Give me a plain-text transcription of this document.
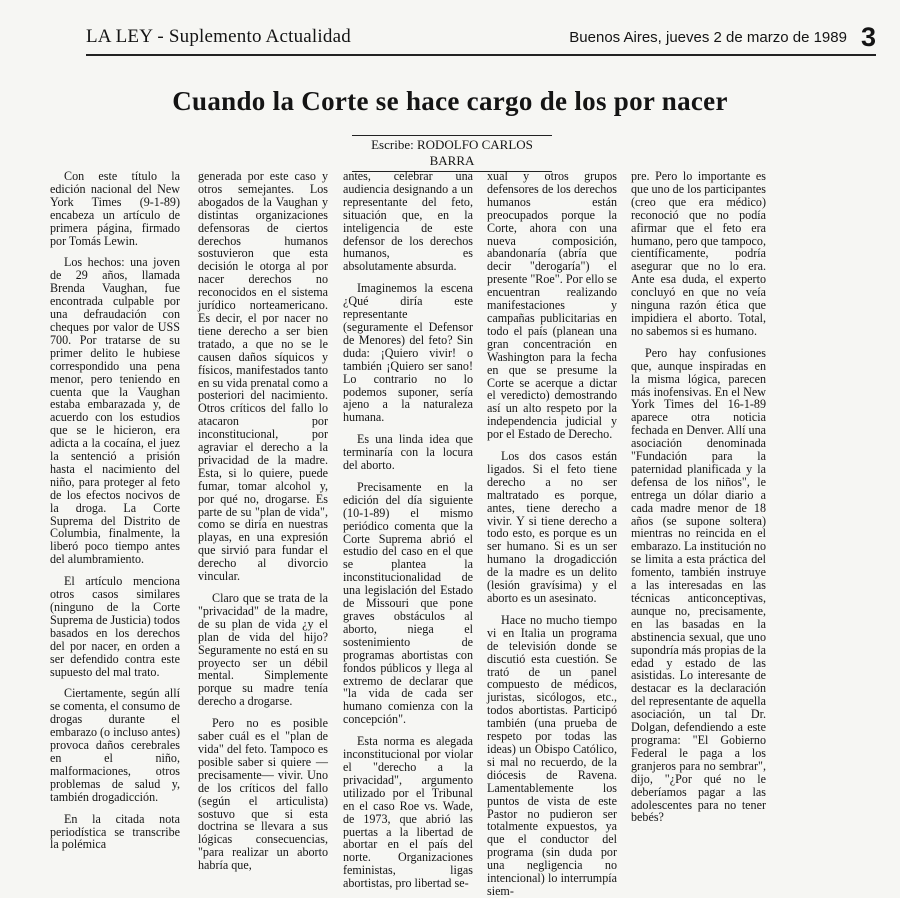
LA LEY - Suplemento Actualidad	Buenos Aires, jueves 2 de marzo de 1989 3
Cuando la Corte se hace cargo de los por nacer
Escribe: RODOLFO CARLOS BARRA

Con este título la edición nacional del New York Times (9-1-89) encabeza un artículo de primera página, firmado por Tomás Lewin.

Los hechos: una joven de 29 años, llamada Brenda Vaughan, fue encontrada culpable por una defraudación con cheques por valor de USS 700. Por tratarse de su primer delito le hubiese correspondido una pena menor, pero teniendo en cuenta que la Vaughan estaba embarazada y, de acuerdo con los estudios que se le hicieron, era adicta a la cocaína, el juez la sentenció a prisión hasta el nacimiento del niño, para proteger al feto de los efectos nocivos de la droga. La Corte Suprema del Distrito de Columbia, finalmente, la liberó poco tiempo antes del alumbramiento.

El artículo menciona otros casos similares (ninguno de la Corte Suprema de Justicia) todos basados en los derechos del por nacer, en orden a ser defendido contra este supuesto del mal trato.

Ciertamente, según allí se comenta, el consumo de drogas durante el embarazo (o incluso antes) provoca daños cerebrales en el niño, malformaciones, otros problemas de salud y, también drogadicción.

En la citada nota periodística se transcribe la polémica

generada por este caso y otros semejantes. Los abogados de la Vaughan y distintas organizaciones defensoras de ciertos derechos humanos sostuvieron que esta decisión le otorga al por nacer derechos no reconocidos en el sistema jurídico norteamericano. Es decir, el por nacer no tiene derecho a ser bien tratado, a que no se le causen daños síquicos y físicos, manifestados tanto en su vida prenatal como a posteriori del nacimiento. Otros críticos del fallo lo atacaron por inconstitucional, por agraviar el derecho a la privacidad de la madre. Esta, si lo quiere, puede fumar, tomar alcohol y, por qué no, drogarse. Es parte de su "plan de vida", como se diría en nuestras playas, en una expresión que sirvió para fundar el derecho al divorcio vincular.

Claro que se trata de la "privacidad" de la madre, de su plan de vida ¿y el plan de vida del hijo? Seguramente no está en su proyecto ser un débil mental. Simplemente porque su madre tenía derecho a drogarse.

Pero no es posible saber cuál es el "plan de vida" del feto. Tampoco es posible saber si quiere —precisamente— vivir. Uno de los críticos del fallo (según el articulista) sostuvo que si esta doctrina se llevara a sus lógicas consecuencias, "para realizar un aborto habría que,

antes, celebrar una audiencia designando a un representante del feto, situación que, en la inteligencia de este defensor de los derechos humanos, es absolutamente absurda.

Imaginemos la escena ¿Qué diría este representante (seguramente el Defensor de Menores) del feto? Sin duda: ¡Quiero vivir! o también ¡Quiero ser sano! Lo contrario no lo podemos suponer, sería ajeno a la naturaleza humana.

Es una linda idea que terminaría con la locura del aborto.

Precisamente en la edición del día siguiente (10-1-89) el mismo periódico comenta que la Corte Suprema abrió el estudio del caso en el que se plantea la inconstitucionalidad de una legislación del Estado de Missouri que pone graves obstáculos al aborto, niega el sostenimiento de programas abortistas con fondos públicos y llega al extremo de declarar que "la vida de cada ser humano comienza con la concepción".

Esta norma es alegada inconstitucional por violar el "derecho a la privacidad", argumento utilizado por el Tribunal en el caso Roe vs. Wade, de 1973, que abrió las puertas a la libertad de abortar en el país del norte. Organizaciones feministas, ligas abortistas, pro libertad se-

xual y otros grupos defensores de los derechos humanos están preocupados porque la Corte, ahora con una nueva composición, abandonaría (abría que decir "derogaría") el presente "Roe". Por ello se encuentran realizando manifestaciones y campañas publicitarias en todo el país (planean una gran concentración en Washington para la fecha en que se presume la Corte se acerque a dictar el veredicto) demostrando así un alto respeto por la independencia judicial y por el Estado de Derecho.

Los dos casos están ligados. Si el feto tiene derecho a no ser maltratado es porque, antes, tiene derecho a vivir. Y si tiene derecho a todo esto, es porque es un ser humano. Si es un ser humano la drogadicción de la madre es un delito (lesión gravísima) y el aborto es un asesinato.

Hace no mucho tiempo vi en Italia un programa de televisión donde se discutió esta cuestión. Se trató de un panel compuesto de médicos, juristas, sicólogos, etc., todos abortistas. Participó también (una prueba de respeto por todas las ideas) un Obispo Católico, si mal no recuerdo, de la diócesis de Ravena. Lamentablemente los puntos de vista de este Pastor no pudieron ser totalmente expuestos, ya que el conductor del programa (sin duda por una negligencia no intencional) lo interrumpía siem-

pre. Pero lo importante es que uno de los participantes (creo que era médico) reconoció que no podía afirmar que el feto era humano, pero que tampoco, científicamente, podría asegurar que no lo era. Ante esa duda, el experto concluyó en que no veía ninguna razón ética que impidiera el aborto. Total, no sabemos si es humano.

Pero hay confusiones que, aunque inspiradas en la misma lógica, parecen más inofensivas. En el New York Times del 16-1-89 aparece otra noticia fechada en Denver. Allí una asociación denominada "Fundación para la paternidad planificada y la defensa de los niños", le entrega un dólar diario a cada madre menor de 18 años (se supone soltera) mientras no reincida en el embarazo. La institución no se limita a esta práctica del fomento, también instruye a las interesadas en las técnicas anticonceptivas, aunque no, precisamente, en las basadas en la abstinencia sexual, que uno supondría más propias de la edad y estado de las asistidas. Lo interesante de destacar es la declaración del representante de aquella asociación, un tal Dr. Dolgan, defendiendo a este programa: "El Gobierno Federal le paga a los granjeros para no sembrar", dijo, "¿Por qué no le deberíamos pagar a las adolescentes para no tener bebés?
